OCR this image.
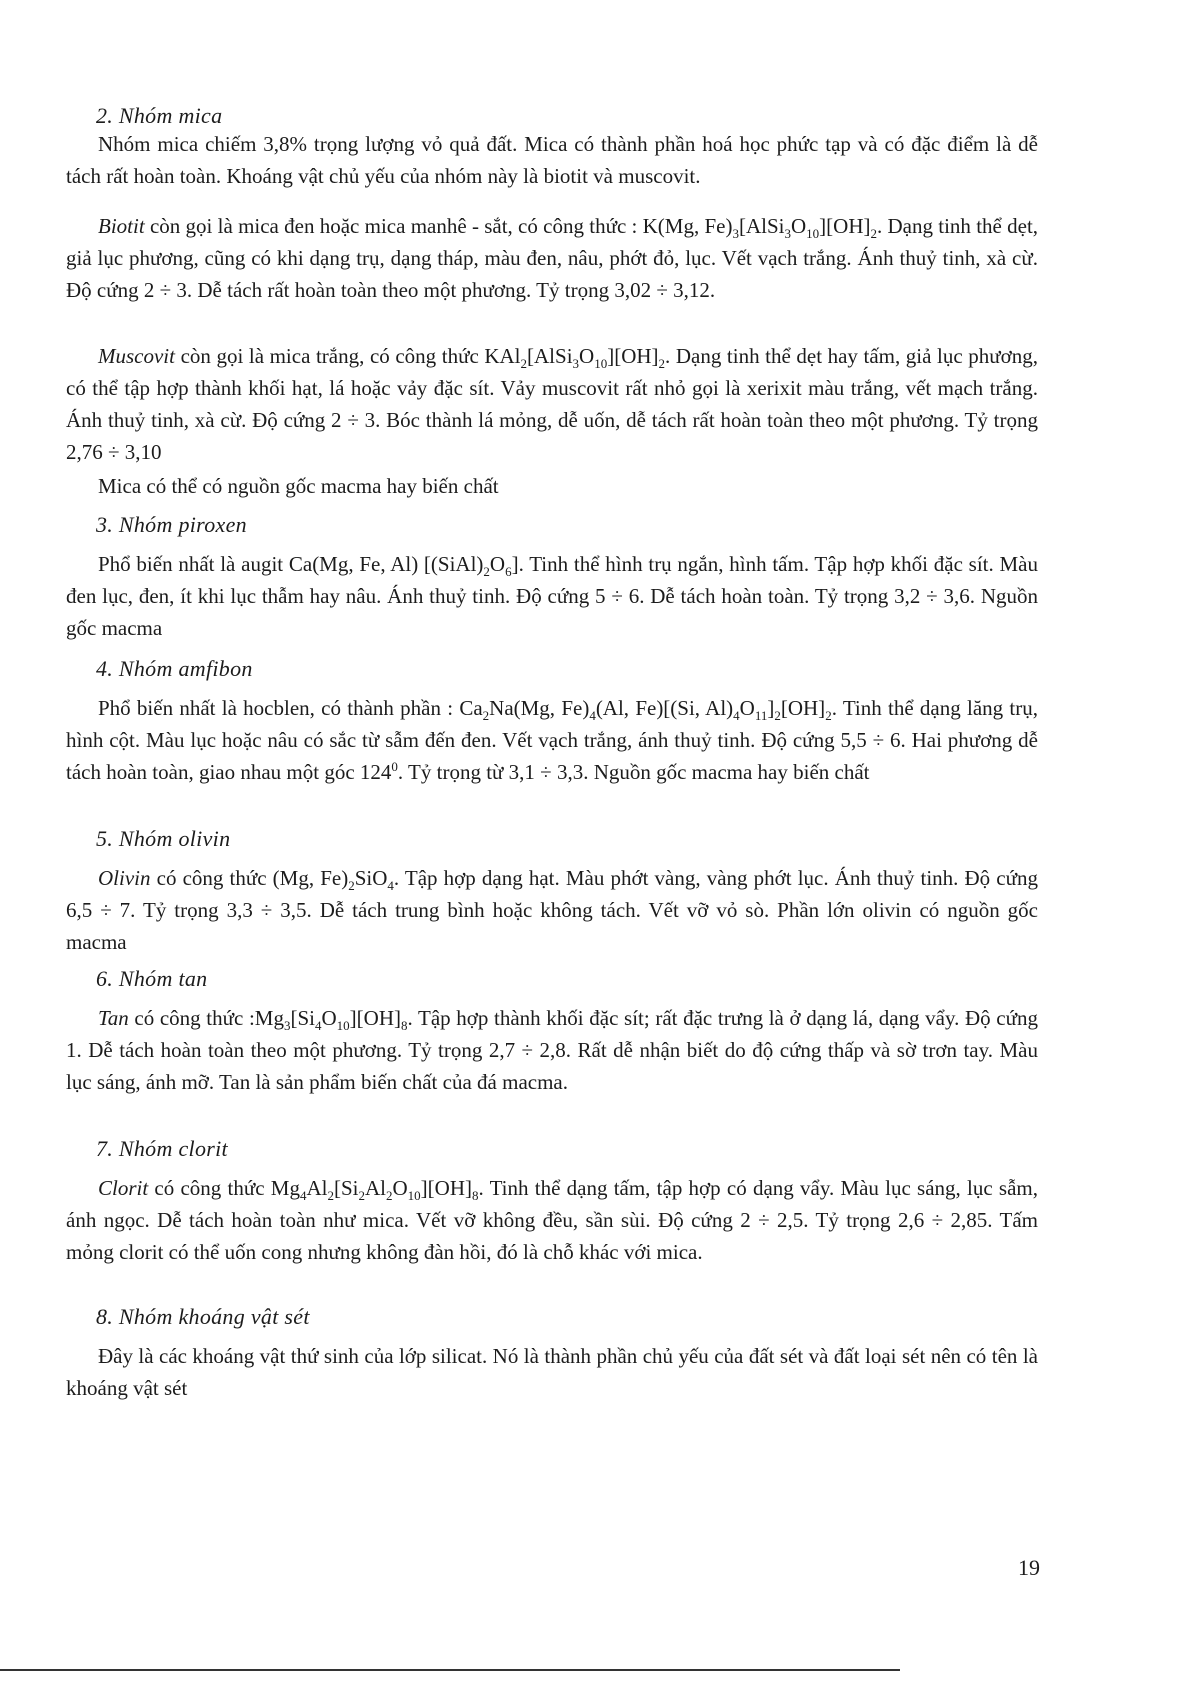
2. Nhóm mica

Nhóm mica chiếm 3,8% trọng lượng vỏ quả đất. Mica có thành phần hoá học phức tạp và có đặc điểm là dễ tách rất hoàn toàn. Khoáng vật chủ yếu của nhóm này là biotit và muscovit.

Biotit còn gọi là mica đen hoặc mica manhê - sắt, có công thức : K(Mg, $Fe)_3[AlSi_3O_{10}][OH]_2$. Dạng tinh thể dẹt, giả lục phương, cũng có khi dạng trụ, dạng tháp, màu đen, nâu, phớt đỏ, lục. Vết vạch trắng. Ánh thuỷ tinh, xà cừ. Độ cứng 2 ÷ 3. Dễ tách rất hoàn toàn theo một phương. Tỷ trọng 3,02 ÷ 3,12.

Muscovit còn gọi là mica trắng, có công thức $KAl_2[AlSi_3O_{10}][OH]_2$. Dạng tinh thể dẹt hay tấm, giả lục phương, có thể tập hợp thành khối hạt, lá hoặc vảy đặc sít. Vảy muscovit rất nhỏ gọi là xerixit màu trắng, vết mạch trắng. Ánh thuỷ tinh, xà cừ. Độ cứng 2 ÷ 3. Bóc thành lá mỏng, dễ uốn, dễ tách rất hoàn toàn theo một phương. Tỷ trọng 2,76 ÷ 3,10

Mica có thể có nguồn gốc macma hay biến chất

3. Nhóm piroxen

Phổ biến nhất là augit Ca(Mg, Fe, Al) $[(SiAl)_2O_6]$. Tinh thể hình trụ ngắn, hình tấm. Tập hợp khối đặc sít. Màu đen lục, đen, ít khi lục thẫm hay nâu. Ánh thuỷ tinh. Độ cứng 5 ÷ 6. Dễ tách hoàn toàn. Tỷ trọng 3,2 ÷ 3,6. Nguồn gốc macma

4. Nhóm amfibon

Phổ biến nhất là hocblen, có thành phần : $Ca_2Na(Mg$, $Fe)_4(Al$, Fe)[(Si, $Al)_4O_{11}]_2[OH]_2$. Tinh thể dạng lăng trụ, hình cột. Màu lục hoặc nâu có sắc từ sẫm đến đen. Vết vạch trắng, ánh thuỷ tinh. Độ cứng 5,5 ÷ 6. Hai phương dễ tách hoàn toàn, giao nhau một góc $124^0$. Tỷ trọng từ 3,1 ÷ 3,3. Nguồn gốc macma hay biến chất

5. Nhóm olivin

Olivin có công thức (Mg, $Fe)_2SiO_4$. Tập hợp dạng hạt. Màu phớt vàng, vàng phớt lục. Ánh thuỷ tinh. Độ cứng 6,5 ÷ 7. Tỷ trọng 3,3 ÷ 3,5. Dễ tách trung bình hoặc không tách. Vết vỡ vỏ sò. Phần lớn olivin có nguồn gốc macma

6. Nhóm tan

Tan có công thức $:Mg_3[Si_4O_{10}][OH]_8$. Tập hợp thành khối đặc sít; rất đặc trưng là ở dạng lá, dạng vẩy. Độ cứng 1. Dễ tách hoàn toàn theo một phương. Tỷ trọng 2,7 ÷ 2,8. Rất dễ nhận biết do độ cứng thấp và sờ trơn tay. Màu lục sáng, ánh mỡ. Tan là sản phẩm biến chất của đá macma.

7. Nhóm clorit

Clorit có công thức $Mg_4Al_2[Si_2Al_2O_{10}][OH]_8$. Tinh thể dạng tấm, tập hợp có dạng vẩy. Màu lục sáng, lục sẫm, ánh ngọc. Dễ tách hoàn toàn như mica. Vết vỡ không đều, sần sùi. Độ cứng 2 ÷ 2,5. Tỷ trọng 2,6 ÷ 2,85. Tấm mỏng clorit có thể uốn cong nhưng không đàn hồi, đó là chỗ khác với mica.

8. Nhóm khoáng vật sét

Đây là các khoáng vật thứ sinh của lớp silicat. Nó là thành phần chủ yếu của đất sét và đất loại sét nên có tên là khoáng vật sét

19
